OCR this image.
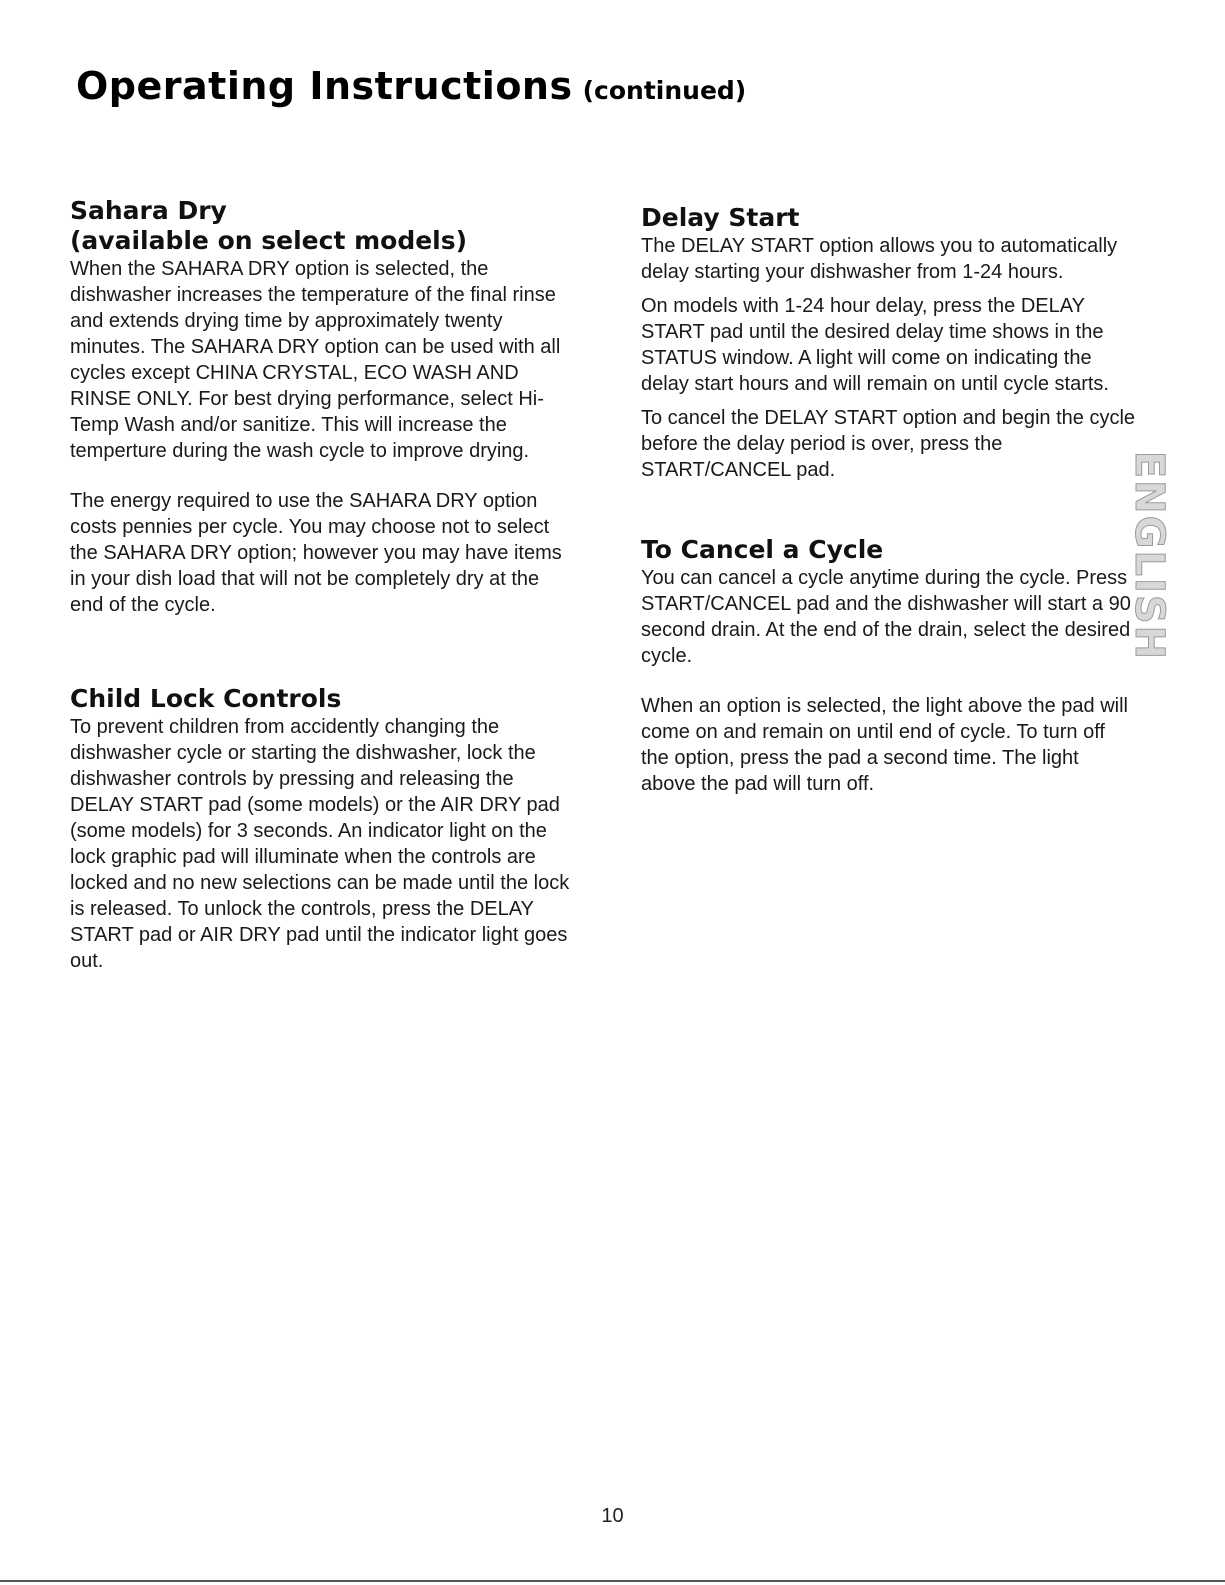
Operating Instructions (continued)
Sahara Dry
(available on select models)

When the SAHARA DRY option is selected, the dishwasher increases the temperature of the final rinse and extends drying time by approximately twenty minutes. The SAHARA DRY option can be used with all cycles except CHINA CRYSTAL, ECO WASH AND RINSE ONLY. For best drying performance, select Hi-Temp Wash and/or sanitize. This will increase the temperture during the wash cycle to improve drying.

The energy required to use the SAHARA DRY option costs pennies per cycle. You may choose not to select the SAHARA DRY option; however you may have items in your dish load that will not be completely dry at the end of the cycle.

Child Lock Controls

To prevent children from accidently changing the dishwasher cycle or starting the dishwasher, lock the dishwasher controls by pressing and releasing the DELAY START pad (some models) or the AIR DRY pad (some models) for 3 seconds. An indicator light on the lock graphic pad will illuminate when the controls are locked and no new selections can be made until the lock is released. To unlock the controls, press the DELAY START pad or AIR DRY pad until the indicator light goes out.

Delay Start

The DELAY START option allows you to automatically delay starting your dishwasher from 1-24 hours.

On models with 1-24 hour delay, press the DELAY START pad until the desired delay time shows in the STATUS window. A light will come on indicating the delay start hours and will remain on until cycle starts.

To cancel the DELAY START option and begin the cycle before the delay period is over, press the START/CANCEL pad.

To Cancel a Cycle

You can cancel a cycle anytime during the cycle. Press START/CANCEL pad and the dishwasher will start a 90 second drain. At the end of the drain, select the desired cycle.

When an option is selected, the light above the pad will come on and remain on until end of cycle. To turn off the option, press the pad a second time. The light above the pad will turn off.

ENGLISH
10
